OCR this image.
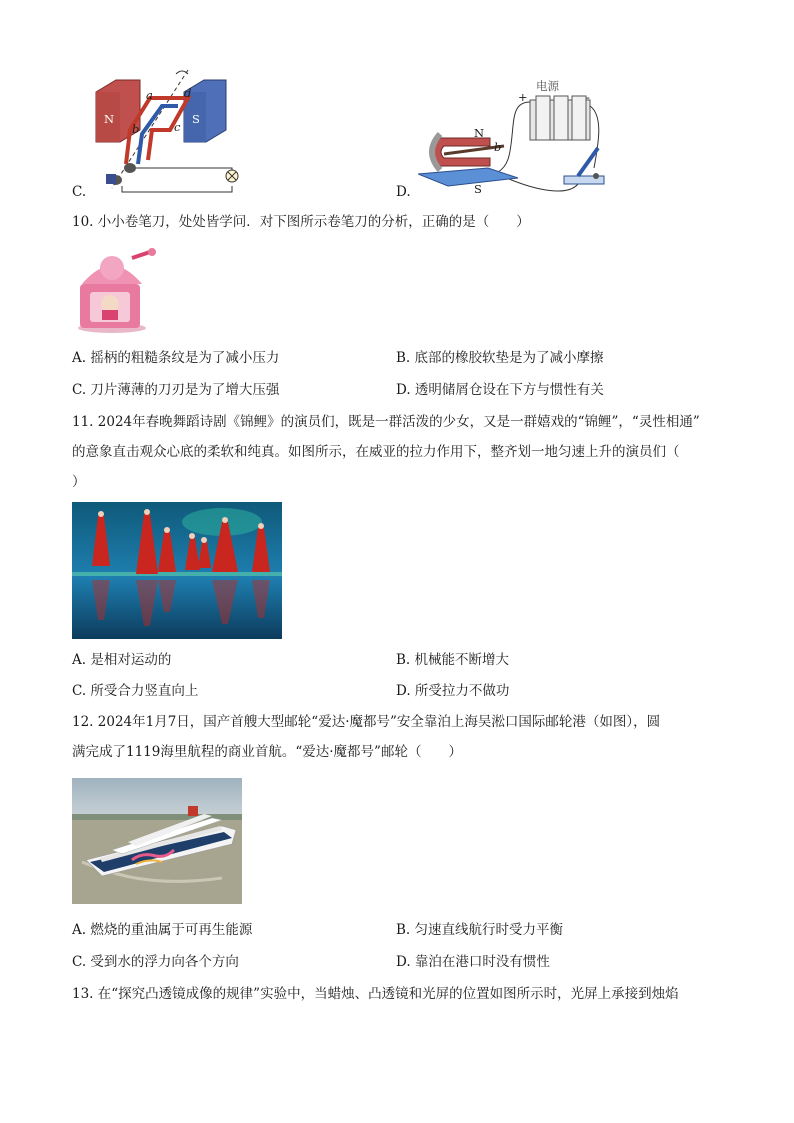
N	S
a	d
b	c
C.
电源
+	-
N
S
b
D.
10. 小小卷笔刀，处处皆学问．对下图所示卷笔刀的分析，正确的是（　　）
A. 摇柄的粗糙条纹是为了减小压力	B. 底部的橡胶软垫是为了减小摩擦
C. 刀片薄薄的刀刃是为了增大压强	D. 透明储屑仓设在下方与惯性有关
11. 2024年春晚舞蹈诗剧《锦鲤》的演员们，既是一群活泼的少女，又是一群嬉戏的“锦鲤”，“灵性相通”
的意象直击观众心底的柔软和纯真。如图所示，在威亚的拉力作用下，整齐划一地匀速上升的演员们（
）
A. 是相对运动的	B. 机械能不断增大
C. 所受合力竖直向上	D. 所受拉力不做功
12. 2024年1月7日，国产首艘大型邮轮“爱达·魔都号”安全靠泊上海吴淞口国际邮轮港（如图），圆
满完成了1119海里航程的商业首航。“爱达·魔都号”邮轮（　　）
A. 燃烧的重油属于可再生能源	B. 匀速直线航行时受力平衡
C. 受到水的浮力向各个方向	D. 靠泊在港口时没有惯性
13. 在“探究凸透镜成像的规律”实验中，当蜡烛、凸透镜和光屏的位置如图所示时，光屏上承接到烛焰
